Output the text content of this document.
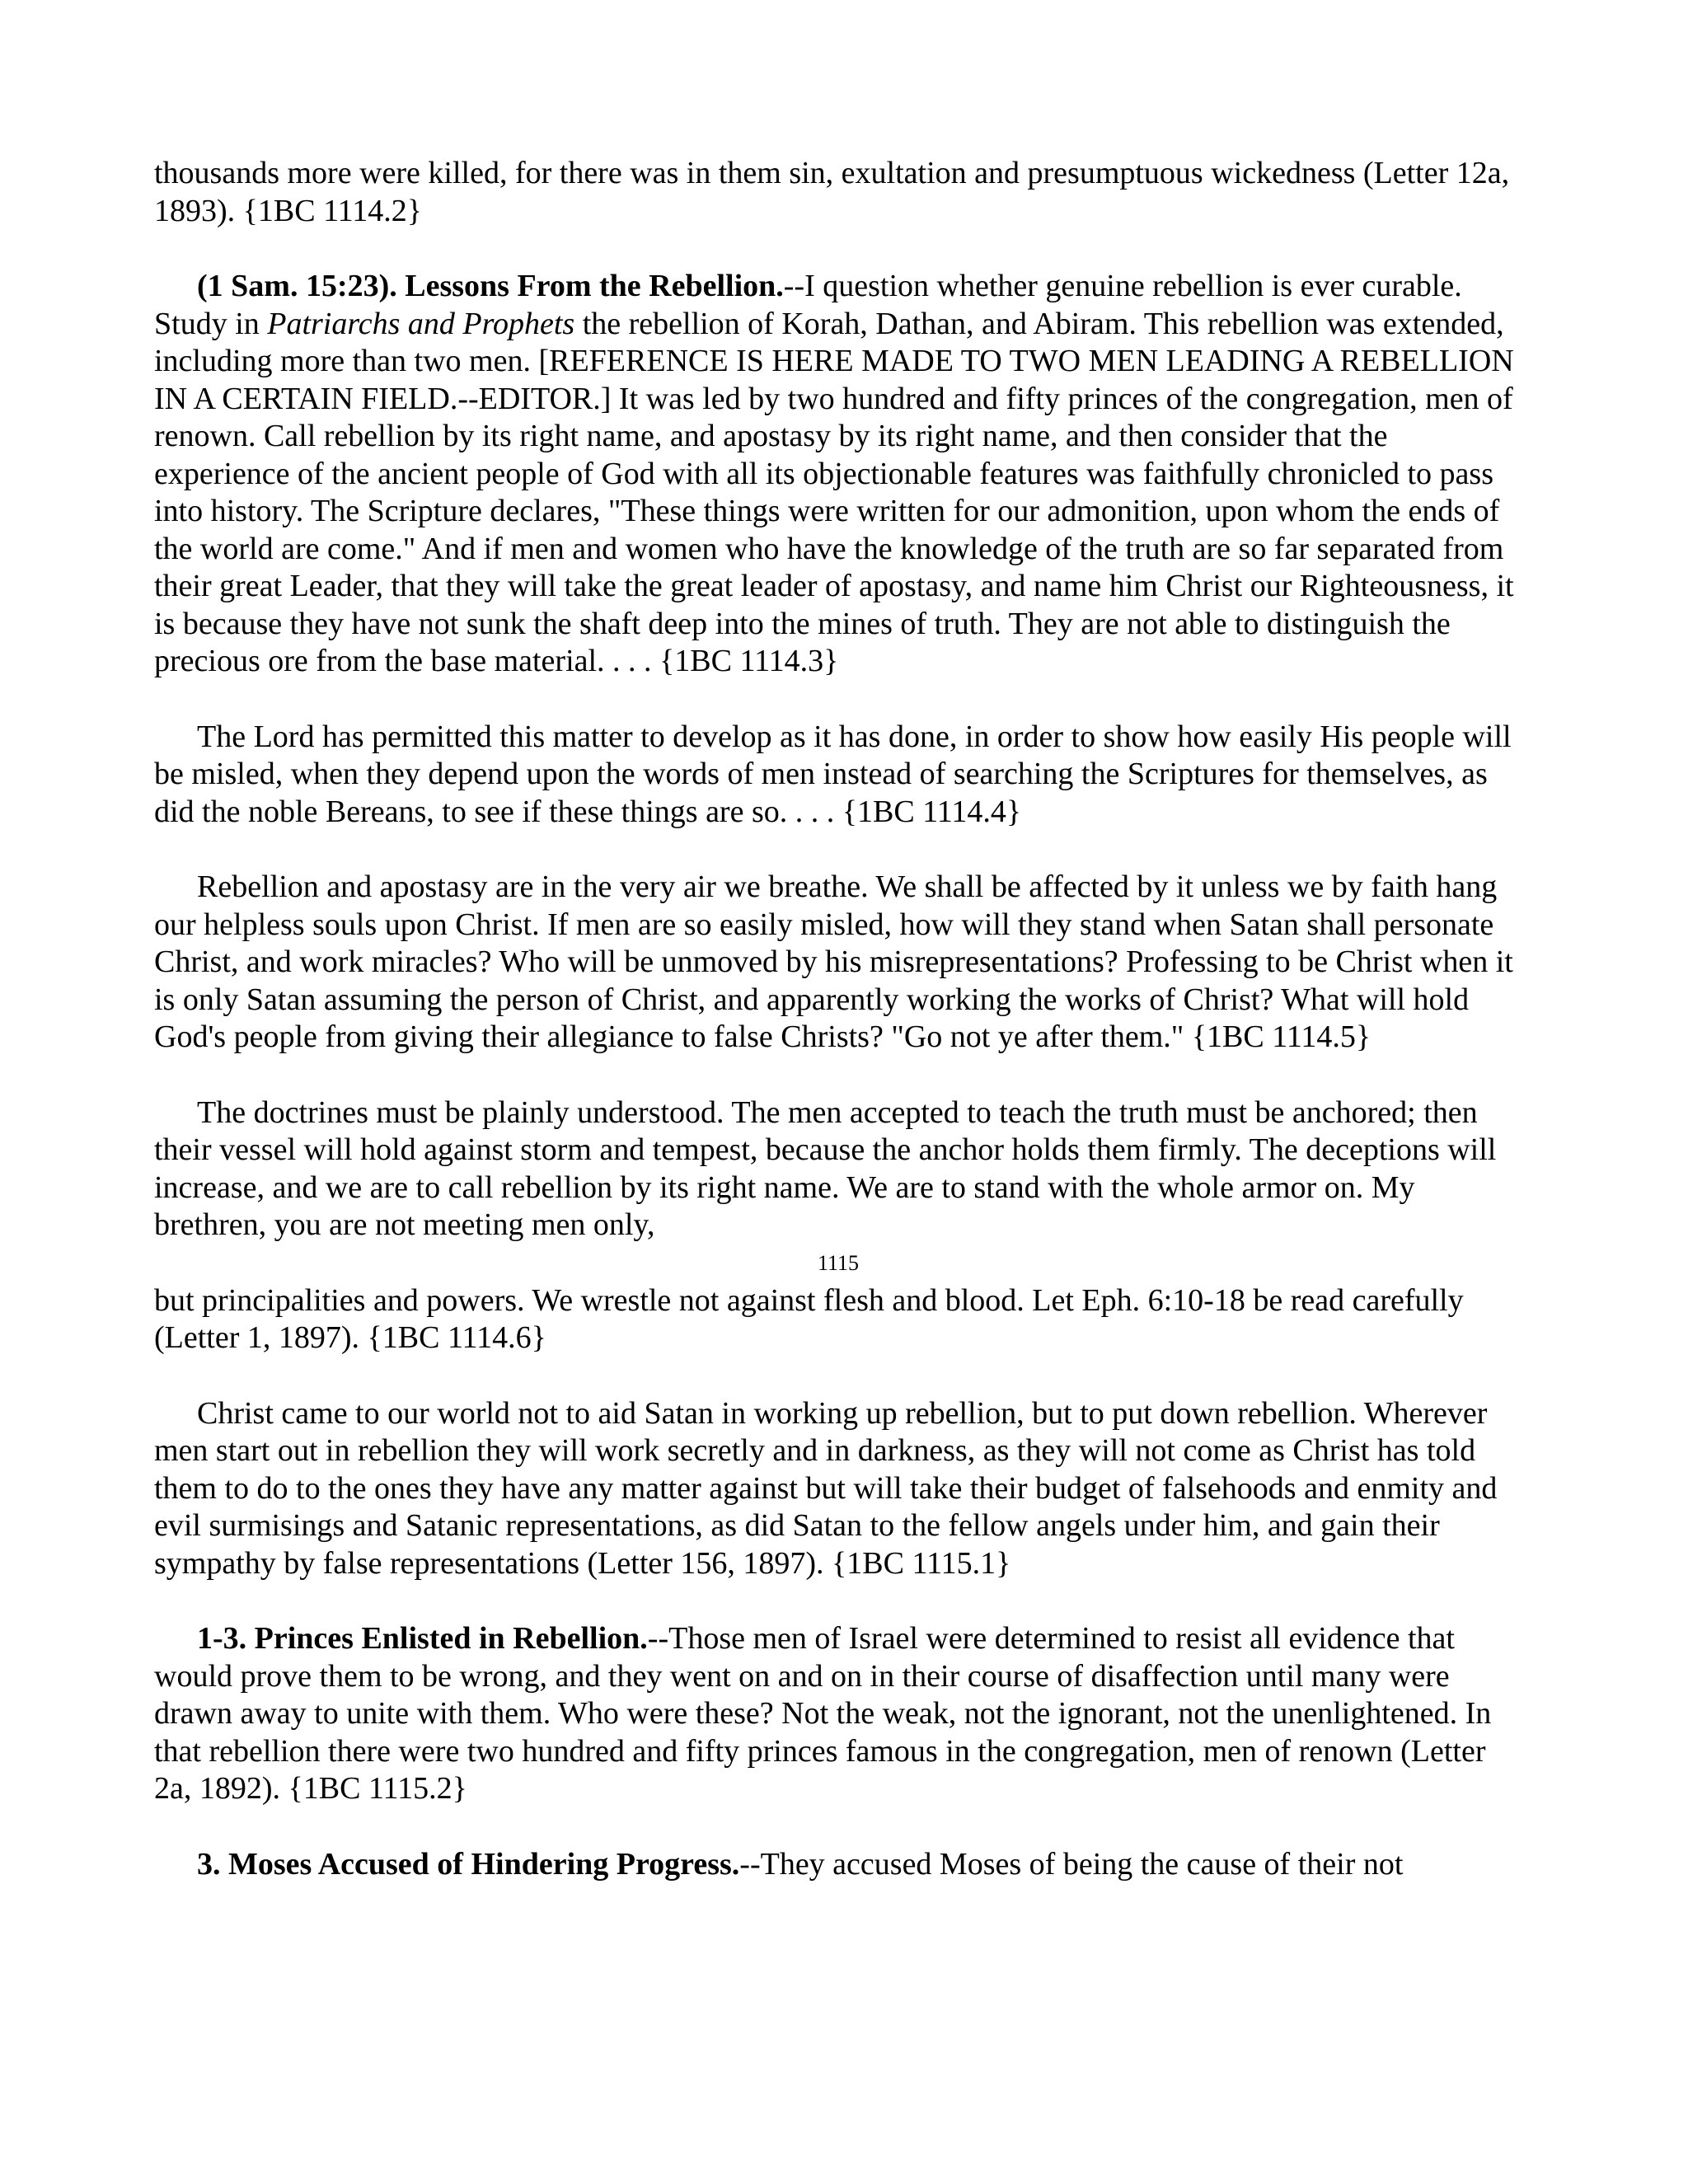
thousands more were killed, for there was in them sin, exultation and presumptuous wickedness (Letter 12a, 1893). {1BC 1114.2}

(1 Sam. 15:23). Lessons From the Rebellion.--I question whether genuine rebellion is ever curable. Study in Patriarchs and Prophets the rebellion of Korah, Dathan, and Abiram. This rebellion was extended, including more than two men. [REFERENCE IS HERE MADE TO TWO MEN LEADING A REBELLION IN A CERTAIN FIELD.--EDITOR.] It was led by two hundred and fifty princes of the congregation, men of renown. Call rebellion by its right name, and apostasy by its right name, and then consider that the experience of the ancient people of God with all its objectionable features was faithfully chronicled to pass into history. The Scripture declares, "These things were written for our admonition, upon whom the ends of the world are come." And if men and women who have the knowledge of the truth are so far separated from their great Leader, that they will take the great leader of apostasy, and name him Christ our Righteousness, it is because they have not sunk the shaft deep into the mines of truth. They are not able to distinguish the precious ore from the base material. . . . {1BC 1114.3}

The Lord has permitted this matter to develop as it has done, in order to show how easily His people will be misled, when they depend upon the words of men instead of searching the Scriptures for themselves, as did the noble Bereans, to see if these things are so. . . . {1BC 1114.4}

Rebellion and apostasy are in the very air we breathe. We shall be affected by it unless we by faith hang our helpless souls upon Christ. If men are so easily misled, how will they stand when Satan shall personate Christ, and work miracles? Who will be unmoved by his misrepresentations? Professing to be Christ when it is only Satan assuming the person of Christ, and apparently working the works of Christ? What will hold God's people from giving their allegiance to false Christs? "Go not ye after them." {1BC 1114.5}

The doctrines must be plainly understood. The men accepted to teach the truth must be anchored; then their vessel will hold against storm and tempest, because the anchor holds them firmly. The deceptions will increase, and we are to call rebellion by its right name. We are to stand with the whole armor on. My brethren, you are not meeting men only,

1115

but principalities and powers. We wrestle not against flesh and blood. Let Eph. 6:10-18 be read carefully (Letter 1, 1897). {1BC 1114.6}

Christ came to our world not to aid Satan in working up rebellion, but to put down rebellion. Wherever men start out in rebellion they will work secretly and in darkness, as they will not come as Christ has told them to do to the ones they have any matter against but will take their budget of falsehoods and enmity and evil surmisings and Satanic representations, as did Satan to the fellow angels under him, and gain their sympathy by false representations (Letter 156, 1897). {1BC 1115.1}

1-3. Princes Enlisted in Rebellion.--Those men of Israel were determined to resist all evidence that would prove them to be wrong, and they went on and on in their course of disaffection until many were drawn away to unite with them. Who were these? Not the weak, not the ignorant, not the unenlightened. In that rebellion there were two hundred and fifty princes famous in the congregation, men of renown (Letter 2a, 1892). {1BC 1115.2}

3. Moses Accused of Hindering Progress.--They accused Moses of being the cause of their not
